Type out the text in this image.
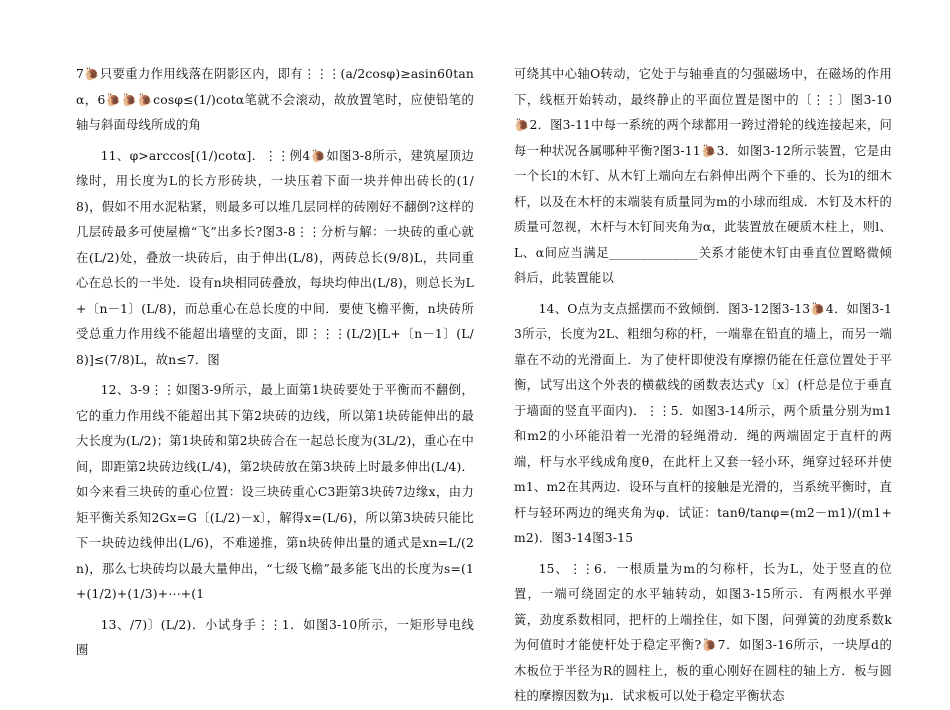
7🐌只要重力作用线落在阴影区内，即有⋮⋮⋮(a/2cosφ)≥asin60tanα，6🐌🐌🐌cosφ≤(1/)cotα笔就不会滚动，故放置笔时，应使铅笔的轴与斜面母线所成的角

11、φ>arccos[(1/)cotα]．⋮⋮例4🐌如图3-8所示，建筑屋顶边缘时，用长度为L的长方形砖块，一块压着下面一块并伸出砖长的(1/8)，假如不用水泥粘紧，则最多可以堆几层同样的砖刚好不翻倒?这样的几层砖最多可使屋檐“飞”出多长?图3-8⋮⋮分析与解：一块砖的重心就在(L/2)处，叠放一块砖后，由于伸出(L/8)，两砖总长(9/8)L，共同重心在总长的一半处．设有n块相同砖叠放，每块均伸出(L/8)，则总长为L+〔n－1〕(L/8)，而总重心在总长度的中间．要使飞檐平衡，n块砖所受总重力作用线不能超出墙壁的支面，即⋮⋮⋮(L/2)[L+〔n－1〕(L/8)]≤(7/8)L，故n≤7．图

12、3-9⋮⋮如图3-9所示，最上面第1块砖要处于平衡而不翻倒，它的重力作用线不能超出其下第2块砖的边线，所以第1块砖能伸出的最大长度为(L/2)；第1块砖和第2块砖合在一起总长度为(3L/2)，重心在中间，即距第2块砖边线(L/4)，第2块砖放在第3块砖上时最多伸出(L/4)．如今来看三块砖的重心位置：设三块砖重心C3距第3块砖7边缘x，由力矩平衡关系知2Gx=G〔(L/2)－x〕，解得x=(L/6)，所以第3块砖只能比下一块砖边线伸出(L/6)，不难递推，第n块砖伸出量的通式是xn=L/(2n)，那么七块砖均以最大量伸出，“七级飞檐”最多能飞出的长度为s=(1+(1/2)+(1/3)+⋯+(1

13、/7)〕(L/2)．小试身手⋮⋮1．如图3-10所示，一矩形导电线圈

可绕其中心轴O转动，它处于与轴垂直的匀强磁场中，在磁场的作用下，线框开始转动，最终静止的平面位置是图中的〔⋮⋮〕图3-10🐌2．图3-11中每一系统的两个球都用一跨过滑轮的线连接起来，问每一种状况各属哪种平衡?图3-11🐌3．如图3-12所示装置，它是由一个长l的木钉、从木钉上端向左右斜伸出两个下垂的、长为l的细木杆，以及在木杆的末端装有质量同为m的小球而组成．木钉及木杆的质量可忽视，木杆与木钉间夹角为α，此装置放在硬质木柱上，则l、L、α间应当满足______________关系才能使木钉由垂直位置略微倾斜后，此装置能以

14、O点为支点摇摆而不致倾倒．图3-12图3-13🐌4．如图3-13所示，长度为2L、粗细匀称的杆，一端靠在铅直的墙上，而另一端靠在不动的光滑面上．为了使杆即使没有摩擦仍能在任意位置处于平衡，试写出这个外表的横截线的函数表达式y〔x〕(杆总是位于垂直于墙面的竖直平面内)．⋮⋮5．如图3-14所示，两个质量分别为m1和m2的小环能沿着一光滑的轻绳滑动．绳的两端固定于直杆的两端，杆与水平线成角度θ，在此杆上又套一轻小环，绳穿过轻环并使m1、m2在其两边．设环与直杆的接触是光滑的，当系统平衡时，直杆与轻环两边的绳夹角为φ．试证：tanθ/tanφ=(m2－m1)/(m1+m2)．图3-14图3-15

15、⋮⋮6．一根质量为m的匀称杆，长为L，处于竖直的位置，一端可绕固定的水平轴转动，如图3-15所示．有两根水平弹簧，劲度系数相同，把杆的上端拴住，如下图，问弹簧的劲度系数k为何值时才能使杆处于稳定平衡?🐌7．如图3-16所示，一块厚d的木板位于半径为R的圆柱上，板的重心刚好在圆柱的轴上方．板与圆柱的摩擦因数为μ．试求板可以处于稳定平衡状态
